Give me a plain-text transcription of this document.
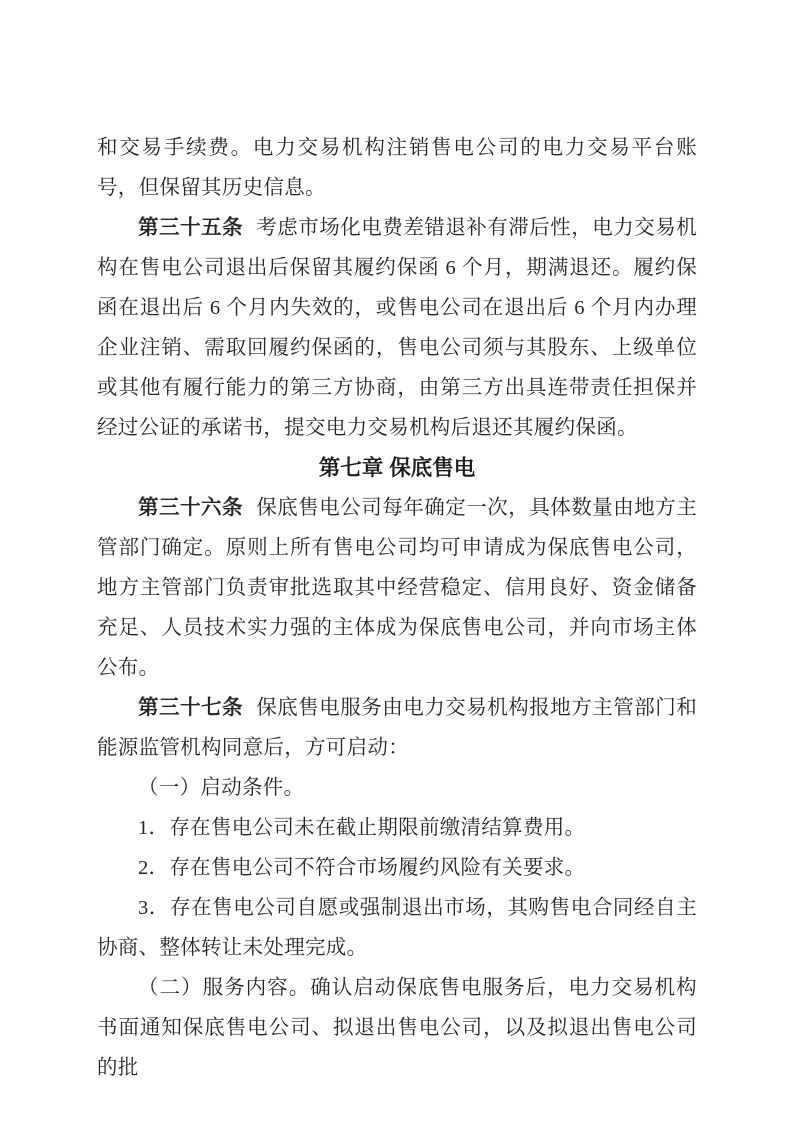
和交易手续费。电力交易机构注销售电公司的电力交易平台账号，但保留其历史信息。

第三十五条 考虑市场化电费差错退补有滞后性，电力交易机构在售电公司退出后保留其履约保函 6 个月，期满退还。履约保函在退出后 6 个月内失效的，或售电公司在退出后 6 个月内办理企业注销、需取回履约保函的，售电公司须与其股东、上级单位或其他有履行能力的第三方协商，由第三方出具连带责任担保并经过公证的承诺书，提交电力交易机构后退还其履约保函。

第七章 保底售电

第三十六条 保底售电公司每年确定一次，具体数量由地方主管部门确定。原则上所有售电公司均可申请成为保底售电公司，地方主管部门负责审批选取其中经营稳定、信用良好、资金储备充足、人员技术实力强的主体成为保底售电公司，并向市场主体公布。

第三十七条 保底售电服务由电力交易机构报地方主管部门和能源监管机构同意后，方可启动：

（一）启动条件。

1．存在售电公司未在截止期限前缴清结算费用。

2．存在售电公司不符合市场履约风险有关要求。

3．存在售电公司自愿或强制退出市场，其购售电合同经自主协商、整体转让未处理完成。

（二）服务内容。确认启动保底售电服务后，电力交易机构书面通知保底售电公司、拟退出售电公司，以及拟退出售电公司的批
